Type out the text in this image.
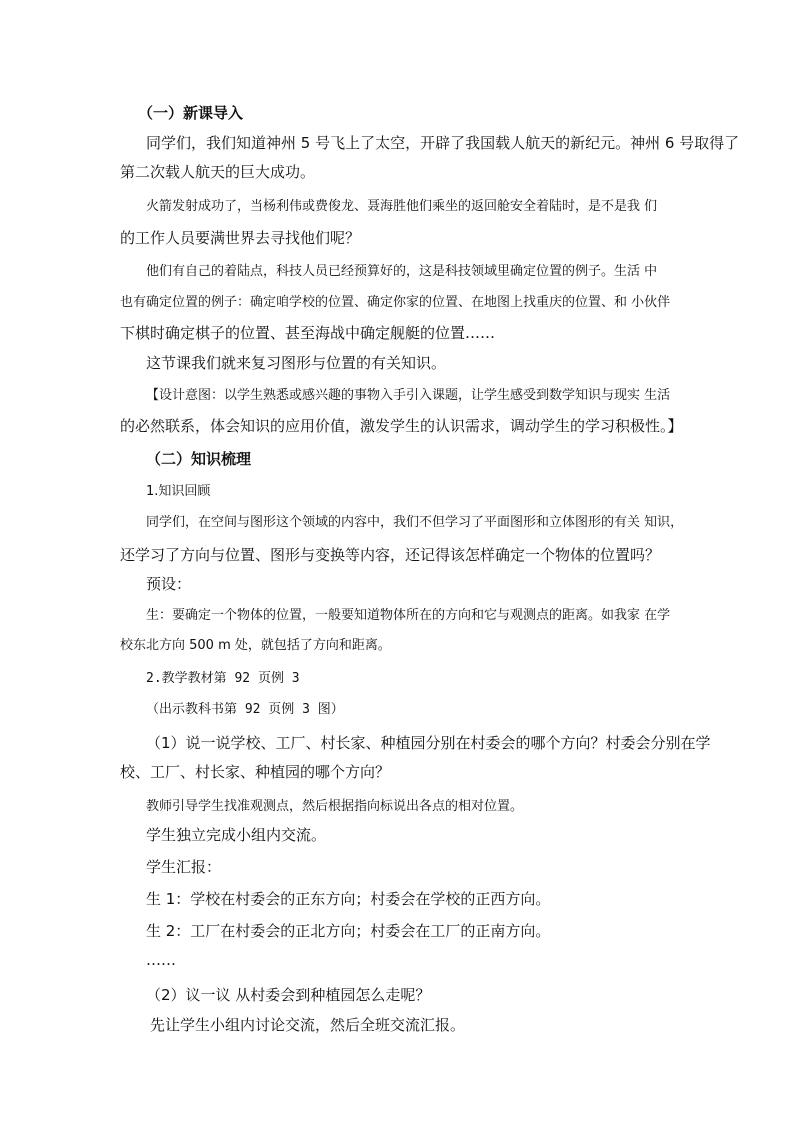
（一）新课导入
同学们，我们知道神州 5 号飞上了太空，开辟了我国载人航天的新纪元。神州 6 号取得了
第二次载人航天的巨大成功。
火箭发射成功了，当杨利伟或费俊龙、聂海胜他们乘坐的返回舱安全着陆时，是不是我 们
的工作人员要满世界去寻找他们呢？
他们有自己的着陆点，科技人员已经预算好的，这是科技领域里确定位置的例子。生活 中
也有确定位置的例子：确定咱学校的位置、确定你家的位置、在地图上找重庆的位置、和 小伙伴
下棋时确定棋子的位置、甚至海战中确定舰艇的位置……
这节课我们就来复习图形与位置的有关知识。
【设计意图：以学生熟悉或感兴趣的事物入手引入课题，让学生感受到数学知识与现实 生活
的必然联系，体会知识的应用价值，激发学生的认识需求，调动学生的学习积极性。】
（二）知识梳理
1.知识回顾
同学们，在空间与图形这个领域的内容中，我们不但学习了平面图形和立体图形的有关 知识，
还学习了方向与位置、图形与变换等内容，还记得该怎样确定一个物体的位置吗？
预设：
生：要确定一个物体的位置，一般要知道物体所在的方向和它与观测点的距离。如我家 在学
校东北方向 500 m 处，就包括了方向和距离。
2.教学教材第 92 页例 3
（出示教科书第 92 页例 3 图）
（1）说一说学校、工厂、村长家、种植园分别在村委会的哪个方向？村委会分别在学
校、工厂、村长家、种植园的哪个方向？
教师引导学生找准观测点，然后根据指向标说出各点的相对位置。
学生独立完成小组内交流。
学生汇报：
生 1：学校在村委会的正东方向；村委会在学校的正西方向。
生 2：工厂在村委会的正北方向；村委会在工厂的正南方向。
……
（2）议一议 从村委会到种植园怎么走呢？
先让学生小组内讨论交流，然后全班交流汇报。
